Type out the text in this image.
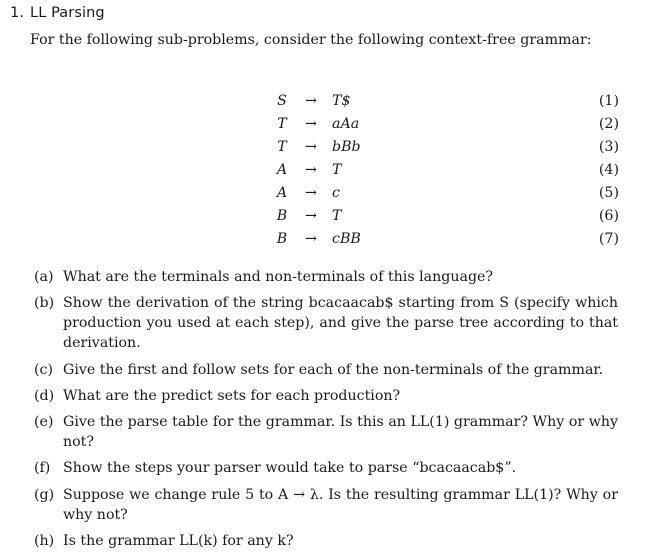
1. LL Parsing
For the following sub-problems, consider the following context-free grammar:
S	→ T$	(1)
T	→ aAa	(2)
T	→ bBb	(3)
A	→ T	(4)
A	→ c	(5)
B	→ T	(6)
B	→ cBB	(7)
(a) What are the terminals and non-terminals of this language?
(b) Show the derivation of the string bcacaacab$ starting from S (specify which production you used at each step), and give the parse tree according to that derivation.
(c) Give the first and follow sets for each of the non-terminals of the grammar.
(d) What are the predict sets for each production?
(e) Give the parse table for the grammar. Is this an LL(1) grammar? Why or why not?
(f) Show the steps your parser would take to parse “bcacaacab$”.
(g) Suppose we change rule 5 to A → λ. Is the resulting grammar LL(1)? Why or why not?
(h) Is the grammar LL(k) for any k?
